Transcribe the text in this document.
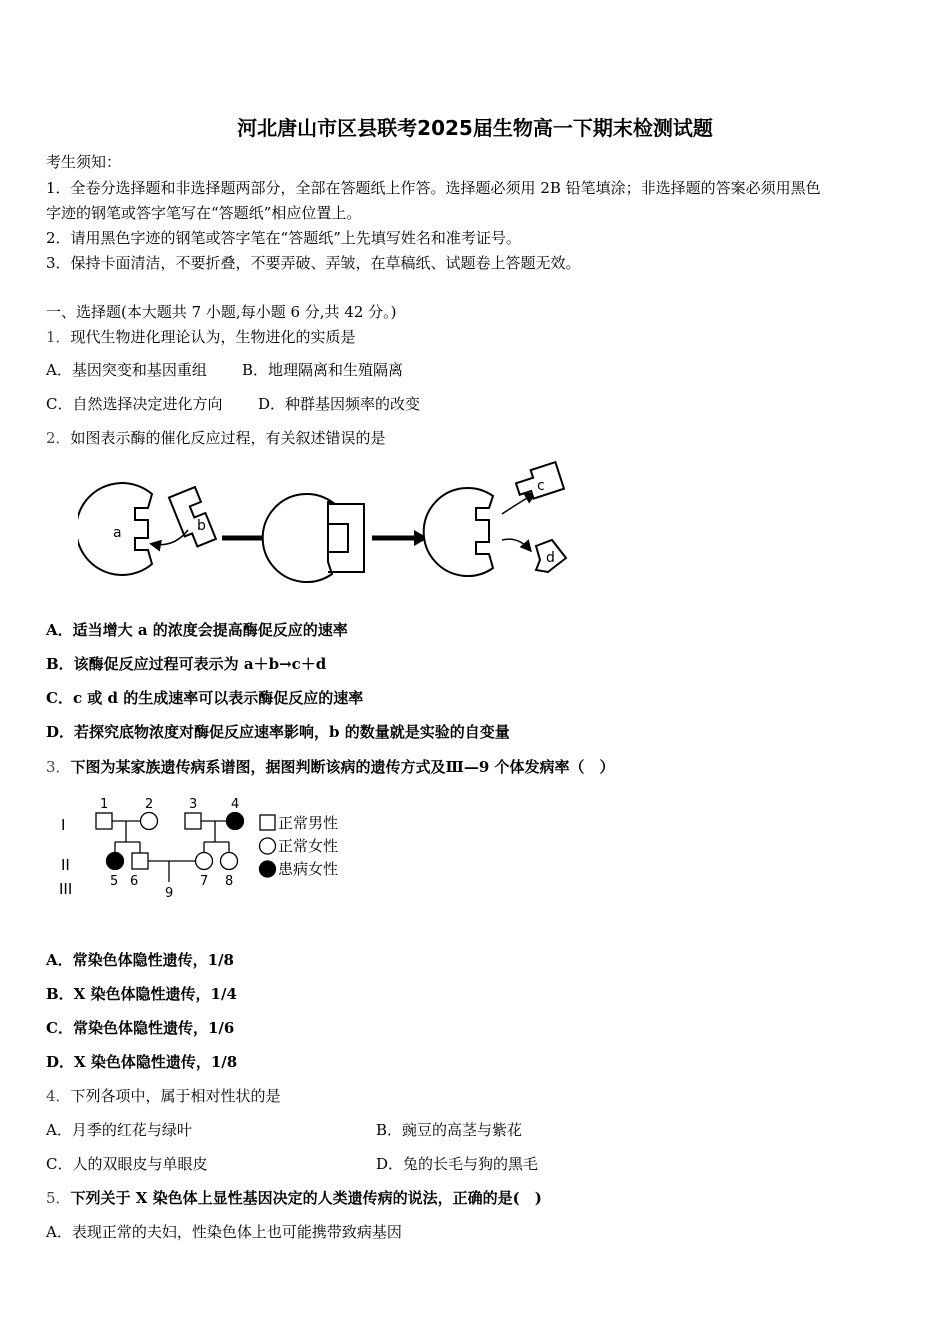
河北唐山市区县联考2025届生物高一下期末检测试题
考生须知：
1．全卷分选择题和非选择题两部分，全部在答题纸上作答。选择题必须用 2B 铅笔填涂；非选择题的答案必须用黑色
字迹的钢笔或答字笔写在“答题纸”相应位置上。
2．请用黑色字迹的钢笔或答字笔在“答题纸”上先填写姓名和准考证号。
3．保持卡面清洁，不要折叠，不要弄破、弄皱，在草稿纸、试题卷上答题无效。
一、选择题(本大题共 7 小题,每小题 6 分,共 42 分。)
1．现代生物进化理论认为，生物进化的实质是
A．基因突变和基因重组 B．地理隔离和生殖隔离
C．自然选择决定进化方向 D．种群基因频率的改变
2．如图表示酶的催化反应过程，有关叙述错误的是
a	b
c
d
A．适当增大 a 的浓度会提高酶促反应的速率
B．该酶促反应过程可表示为 a＋b→c＋d
C．c 或 d 的生成速率可以表示酶促反应的速率
D．若探究底物浓度对酶促反应速率影响，b 的数量就是实验的自变量
3．下图为某家族遗传病系谱图，据图判断该病的遗传方式及Ⅲ—9 个体发病率（　）
I
II
III
1	2	3	4
5 6	7 8
9
正常男性
正常女性
患病女性
A．常染色体隐性遗传，1/8
B．X 染色体隐性遗传，1/4
C．常染色体隐性遗传，1/6
D．X 染色体隐性遗传，1/8
4．下列各项中，属于相对性状的是
A．月季的红花与绿叶	B．豌豆的高茎与紫花
C．人的双眼皮与单眼皮	D．兔的长毛与狗的黑毛
5．下列关于 X 染色体上显性基因决定的人类遗传病的说法，正确的是(　)
A．表现正常的夫妇，性染色体上也可能携带致病基因
